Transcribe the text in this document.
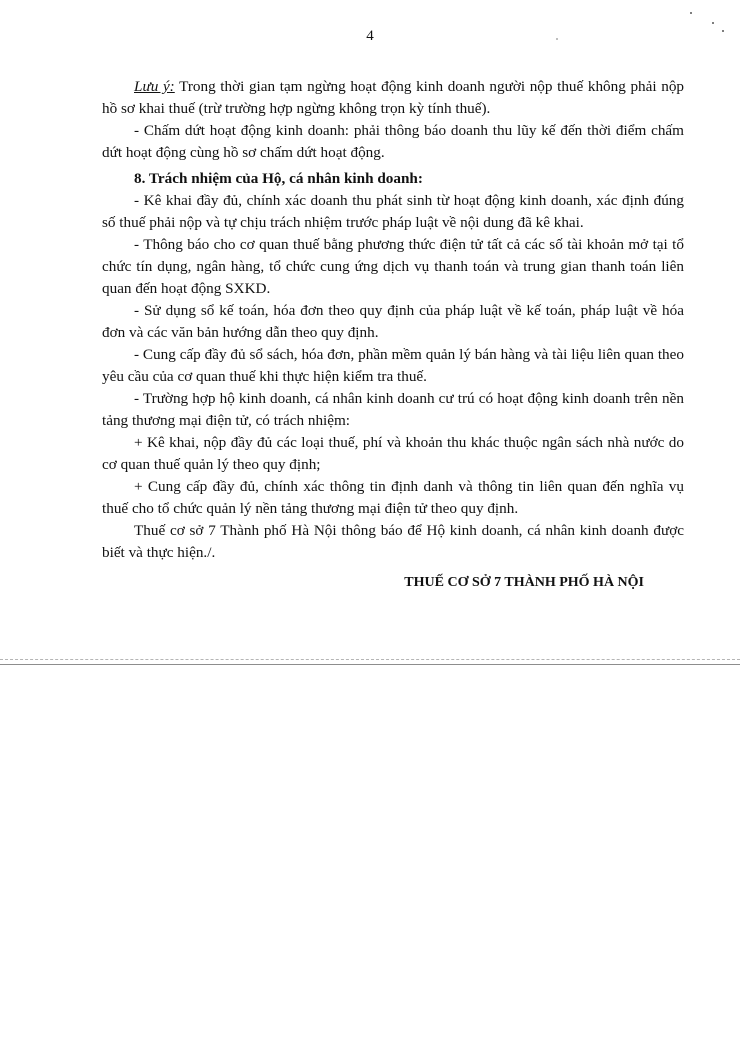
4

Lưu ý: Trong thời gian tạm ngừng hoạt động kinh doanh người nộp thuế không phải nộp hồ sơ khai thuế (trừ trường hợp ngừng không trọn kỳ tính thuế).

- Chấm dứt hoạt động kinh doanh: phải thông báo doanh thu lũy kế đến thời điểm chấm dứt hoạt động cùng hồ sơ chấm dứt hoạt động.

8. Trách nhiệm của Hộ, cá nhân kinh doanh:

- Kê khai đầy đủ, chính xác doanh thu phát sinh từ hoạt động kinh doanh, xác định đúng số thuế phải nộp và tự chịu trách nhiệm trước pháp luật về nội dung đã kê khai.

- Thông báo cho cơ quan thuế bằng phương thức điện tử tất cả các số tài khoản mở tại tổ chức tín dụng, ngân hàng, tổ chức cung ứng dịch vụ thanh toán và trung gian thanh toán liên quan đến hoạt động SXKD.

- Sử dụng sổ kế toán, hóa đơn theo quy định của pháp luật về kế toán, pháp luật về hóa đơn và các văn bản hướng dẫn theo quy định.

- Cung cấp đầy đủ sổ sách, hóa đơn, phần mềm quản lý bán hàng và tài liệu liên quan theo yêu cầu của cơ quan thuế khi thực hiện kiểm tra thuế.

- Trường hợp hộ kinh doanh, cá nhân kinh doanh cư trú có hoạt động kinh doanh trên nền tảng thương mại điện tử, có trách nhiệm:

+ Kê khai, nộp đầy đủ các loại thuế, phí và khoản thu khác thuộc ngân sách nhà nước do cơ quan thuế quản lý theo quy định;

+ Cung cấp đầy đủ, chính xác thông tin định danh và thông tin liên quan đến nghĩa vụ thuế cho tổ chức quản lý nền tảng thương mại điện tử theo quy định.

Thuế cơ sở 7 Thành phố Hà Nội thông báo để Hộ kinh doanh, cá nhân kinh doanh được biết và thực hiện./.

THUẾ CƠ SỞ 7 THÀNH PHỐ HÀ NỘI
